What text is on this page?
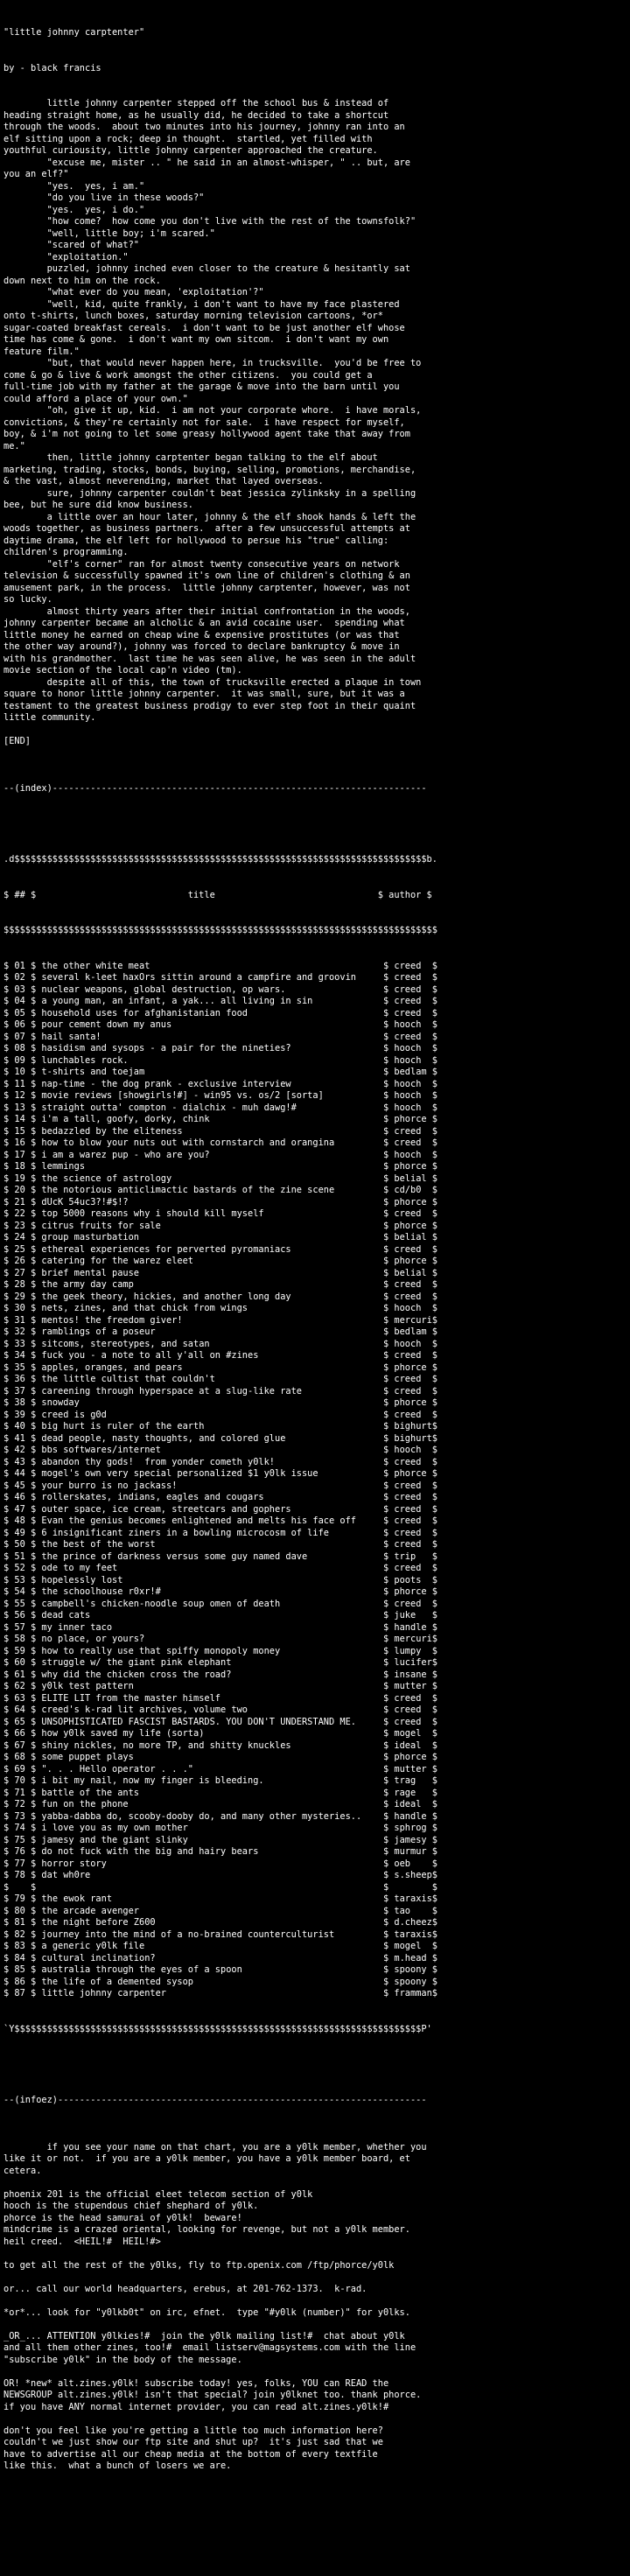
"little johnny carptenter"

by - black francis

little johnny carpenter stepped off the school bus & instead of
heading straight home, as he usually did, he decided to take a shortcut
through the woods.  about two minutes into his journey, johnny ran into an
elf sitting upon a rock; deep in thought.  startled, yet filled with
youthful curiousity, little johnny carpenter approached the creature.
"excuse me, mister .. " he said in an almost-whisper, " .. but, are
you an elf?"
"yes.  yes, i am."
"do you live in these woods?"
"yes.  yes, i do."
"how come?  how come you don't live with the rest of the townsfolk?"
"well, little boy; i'm scared."
"scared of what?"
"exploitation."
puzzled, johnny inched even closer to the creature & hesitantly sat
down next to him on the rock.
"what ever do you mean, 'exploitation'?"
"well, kid, quite frankly, i don't want to have my face plastered
onto t-shirts, lunch boxes, saturday morning television cartoons, *or*
sugar-coated breakfast cereals.  i don't want to be just another elf whose
time has come & gone.  i don't want my own sitcom.  i don't want my own
feature film."
"but, that would never happen here, in trucksville.  you'd be free to
come & go & live & work amongst the other citizens.  you could get a
full-time job with my father at the garage & move into the barn until you
could afford a place of your own."
"oh, give it up, kid.  i am not your corporate whore.  i have morals,
convictions, & they're certainly not for sale.  i have respect for myself,
boy, & i'm not going to let some greasy hollywood agent take that away from
me."
then, little johnny carptenter began talking to the elf about
marketing, trading, stocks, bonds, buying, selling, promotions, merchandise,
& the vast, almost neverending, market that layed overseas.
sure, johnny carpenter couldn't beat jessica zylinksky in a spelling
bee, but he sure did know business.
a little over an hour later, johnny & the elf shook hands & left the
woods together, as business partners.  after a few unsuccessful attempts at
daytime drama, the elf left for hollywood to persue his "true" calling:
children's programming.
"elf's corner" ran for almost twenty consecutive years on network
television & successfully spawned it's own line of children's clothing & an
amusement park, in the process.  little johnny carptenter, however, was not
so lucky.
almost thirty years after their initial confrontation in the woods,
johnny carpenter became an alcholic & an avid cocaine user.  spending what
little money he earned on cheap wine & expensive prostitutes (or was that
the other way around?), johnny was forced to declare bankruptcy & move in
with his grandmother.  last time he was seen alive, he was seen in the adult
movie section of the local cap'n video (tm).
despite all of this, the town of trucksville erected a plaque in town
square to honor little johnny carpenter.  it was small, sure, but it was a
testament to the greatest business prodigy to ever step foot in their quaint
little community.
[END]

--(index)---------------------------------------------------------------------

.d$$$$$$$$$$$$$$$$$$$$$$$$$$$$$$$$$$$$$$$$$$$$$$$$$$$$$$$$$$$$$$$$$$$$$$$$$$$$b.

$ ## $                            title                              $ author $

$$$$$$$$$$$$$$$$$$$$$$$$$$$$$$$$$$$$$$$$$$$$$$$$$$$$$$$$$$$$$$$$$$$$$$$$$$$$$$$$

$ 01 $ the other white meat                                           $ creed  $
$ 02 $ several k-leet haxOrs sittin around a campfire and groovin     $ creed  $
$ 03 $ nuclear weapons, global destruction, op wars.                  $ creed  $
$ 04 $ a young man, an infant, a yak... all living in sin             $ creed  $
$ 05 $ household uses for afghanistanian food                         $ creed  $
$ 06 $ pour cement down my anus                                       $ hooch  $
$ 07 $ hail santa!                                                    $ creed  $
$ 08 $ hasidism and sysops - a pair for the nineties?                 $ hooch  $
$ 09 $ lunchables rock.                                               $ hooch  $
$ 10 $ t-shirts and toejam                                            $ bedlam $
$ 11 $ nap-time - the dog prank - exclusive interview                 $ hooch  $
$ 12 $ movie reviews [showgirls!#] - win95 vs. os/2 [sorta]           $ hooch  $
$ 13 $ straight outta' compton - dialchix - muh dawg!#                $ hooch  $
$ 14 $ i'm a tall, goofy, dorky, chink                                $ phorce $
$ 15 $ bedazzled by the eliteness                                     $ creed  $
$ 16 $ how to blow your nuts out with cornstarch and orangina         $ creed  $
$ 17 $ i am a warez pup - who are you?                                $ hooch  $
$ 18 $ lemmings                                                       $ phorce $
$ 19 $ the science of astrology                                       $ belial $
$ 20 $ the notorious anticlimactic bastards of the zine scene         $ cd/b0  $
$ 21 $ dUcK 54uc3?!#$!?                                               $ phorce $
$ 22 $ top 5000 reasons why i should kill myself                      $ creed  $
$ 23 $ citrus fruits for sale                                         $ phorce $
$ 24 $ group masturbation                                             $ belial $
$ 25 $ ethereal experiences for perverted pyromaniacs                 $ creed  $
$ 26 $ catering for the warez eleet                                   $ phorce $
$ 27 $ brief mental pause                                             $ belial $
$ 28 $ the army day camp                                              $ creed  $
$ 29 $ the geek theory, hickies, and another long day                 $ creed  $
$ 30 $ nets, zines, and that chick from wings                         $ hooch  $
$ 31 $ mentos! the freedom giver!                                     $ mercuri$
$ 32 $ ramblings of a poseur                                          $ bedlam $
$ 33 $ sitcoms, stereotypes, and satan                                $ hooch  $
$ 34 $ fuck you - a note to all y'all on #zines                       $ creed  $
$ 35 $ apples, oranges, and pears                                     $ phorce $
$ 36 $ the little cultist that couldn't                               $ creed  $
$ 37 $ careening through hyperspace at a slug-like rate               $ creed  $
$ 38 $ snowday                                                        $ phorce $
$ 39 $ creed is g0d                                                   $ creed  $
$ 40 $ big hurt is ruler of the earth                                 $ bighurt$
$ 41 $ dead people, nasty thoughts, and colored glue                  $ bighurt$
$ 42 $ bbs softwares/internet                                         $ hooch  $
$ 43 $ abandon thy gods!  from yonder cometh y0lk!                    $ creed  $
$ 44 $ mogel's own very special personalized $1 y0lk issue            $ phorce $
$ 45 $ your burro is no jackass!                                      $ creed  $
$ 46 $ rollerskates, indians, eagles and cougars                      $ creed  $
$ 47 $ outer space, ice cream, streetcars and gophers                 $ creed  $
$ 48 $ Evan the genius becomes enlightened and melts his face off     $ creed  $
$ 49 $ 6 insignificant ziners in a bowling microcosm of life          $ creed  $
$ 50 $ the best of the worst                                          $ creed  $
$ 51 $ the prince of darkness versus some guy named dave              $ trip   $
$ 52 $ ode to my feet                                                 $ creed  $
$ 53 $ hopelessly lost                                                $ poots  $
$ 54 $ the schoolhouse r0xr!#                                         $ phorce $
$ 55 $ campbell's chicken-noodle soup omen of death                   $ creed  $
$ 56 $ dead cats                                                      $ juke   $
$ 57 $ my inner taco                                                  $ handle $
$ 58 $ no place, or yours?                                            $ mercuri$
$ 59 $ how to really use that spiffy monopoly money                   $ lumpy  $
$ 60 $ struggle w/ the giant pink elephant                            $ lucifer$
$ 61 $ why did the chicken cross the road?                            $ insane $
$ 62 $ y0lk test pattern                                              $ mutter $
$ 63 $ ELITE LIT from the master himself                              $ creed  $
$ 64 $ creed's k-rad lit archives, volume two                         $ creed  $
$ 65 $ UNSOPHISTICATED FASCIST BASTARDS. YOU DON'T UNDERSTAND ME.     $ creed  $
$ 66 $ how y0lk saved my life (sorta)                                 $ mogel  $
$ 67 $ shiny nickles, no more TP, and shitty knuckles                 $ ideal  $
$ 68 $ some puppet plays                                              $ phorce $
$ 69 $ ". . . Hello operator . . ."                                   $ mutter $
$ 70 $ i bit my nail, now my finger is bleeding.                      $ trag   $
$ 71 $ battle of the ants                                             $ rage   $
$ 72 $ fun on the phone                                               $ ideal  $
$ 73 $ yabba-dabba do, scooby-dooby do, and many other mysteries..    $ handle $
$ 74 $ i love you as my own mother                                    $ sphrog $
$ 75 $ jamesy and the giant slinky                                    $ jamesy $
$ 76 $ do not fuck with the big and hairy bears                       $ murmur $
$ 77 $ horror story                                                   $ oeb    $
$ 78 $ dat wh0re                                                      $ s.sheep$
$    $	$	$
$ 79 $ the ewok rant                                                  $ taraxis$
$ 80 $ the arcade avenger                                             $ tao    $
$ 81 $ the night before Z600                                          $ d.cheez$
$ 82 $ journey into the mind of a no-brained counterculturist         $ taraxis$
$ 83 $ a generic y0lk file                                            $ mogel  $
$ 84 $ cultural inclination?                                          $ m.head $
$ 85 $ australia through the eyes of a spoon                          $ spoony $
$ 86 $ the life of a demented sysop                                   $ spoony $
$ 87 $ little johnny carpenter                                        $ framman$

`Y$$$$$$$$$$$$$$$$$$$$$$$$$$$$$$$$$$$$$$$$$$$$$$$$$$$$$$$$$$$$$$$$$$$$$$$$$$$P'

--(infoez)--------------------------------------------------------------------

if you see your name on that chart, you are a y0lk member, whether you
like it or not.  if you are a y0lk member, you have a y0lk member board, et
cetera.
phoenix 201 is the official eleet telecom section of y0lk
hooch is the stupendous chief shephard of y0lk.
phorce is the head samurai of y0lk!  beware!
mindcrime is a crazed oriental, looking for revenge, but not a y0lk member.
heil creed.  <HEIL!#  HEIL!#>
to get all the rest of the y0lks, fly to ftp.openix.com /ftp/phorce/y0lk
or... call our world headquarters, erebus, at 201-762-1373.  k-rad.
*or*... look for "y0lkb0t" on irc, efnet.  type "#y0lk (number)" for y0lks.
_OR_... ATTENTION y0lkies!#  join the y0lk mailing list!#  chat about y0lk
and all them other zines, too!#  email listserv@magsystems.com with the line
"subscribe y0lk" in the body of the message.
OR! *new* alt.zines.y0lk! subscribe today! yes, folks, YOU can READ the
NEWSGROUP alt.zines.y0lk! isn't that special? join y0lknet too. thank phorce.
if you have ANY normal internet provider, you can read alt.zines.y0lk!#
don't you feel like you're getting a little too much information here?
couldn't we just show our ftp site and shut up?  it's just sad that we
have to advertise all our cheap media at the bottom of every textfile
like this.  what a bunch of losers we are.
